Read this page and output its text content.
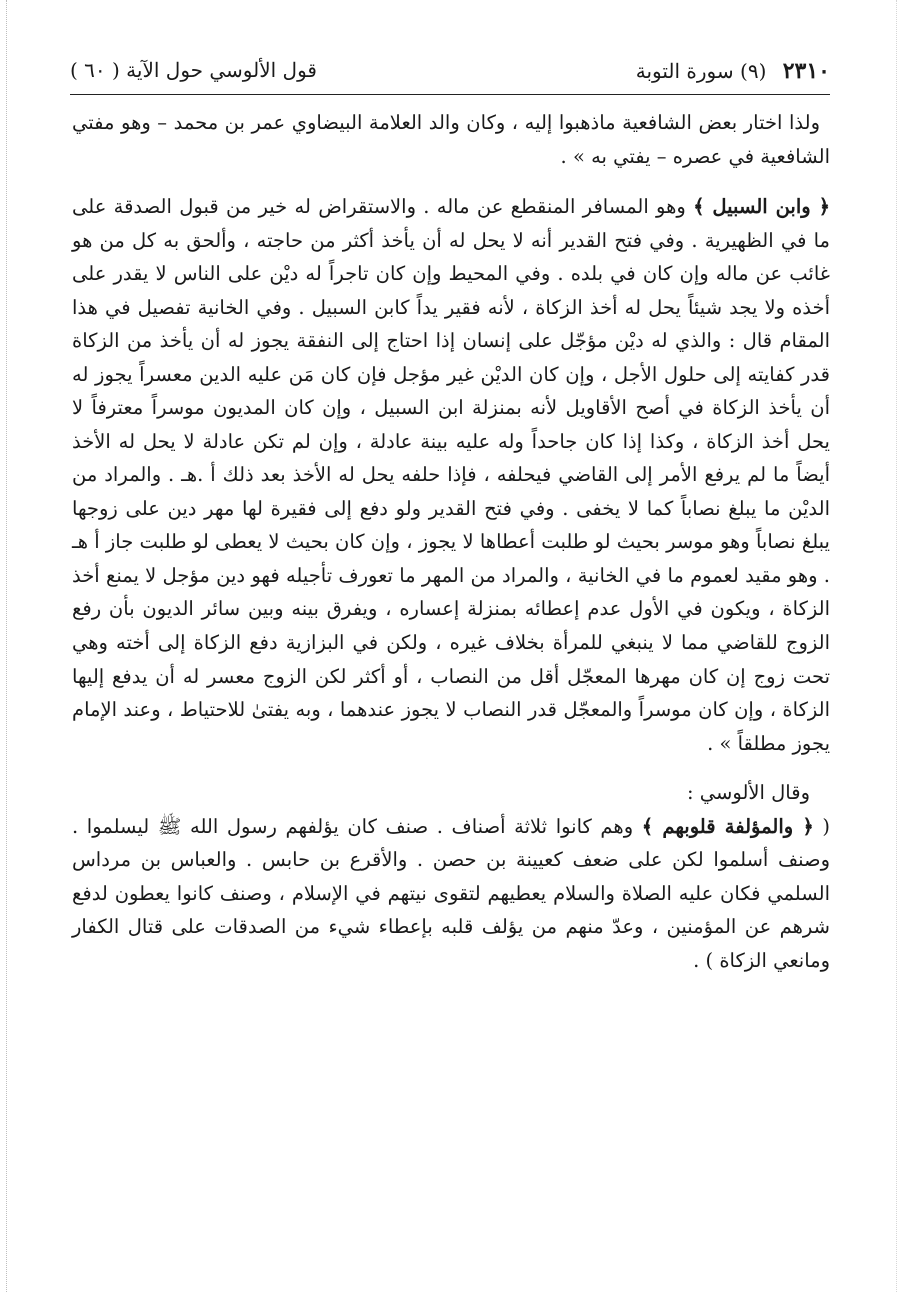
٢٣١٠ (٩) سورة التوبة
قول الألوسي حول الآية ( ٦٠ )

ولذا اختار بعض الشافعية ماذهبوا إليه ، وكان والد العلامة البيضاوي عمر بن محمد – وهو مفتي الشافعية في عصره – يفتي به » .

﴿ وابن السبيل ﴾ وهو المسافر المنقطع عن ماله . والاستقراض له خير من قبول الصدقة على ما في الظهيرية . وفي فتح القدير أنه لا يحل له أن يأخذ أكثر من حاجته ، وألحق به كل من هو غائب عن ماله وإن كان في بلده . وفي المحيط وإن كان تاجراً له ديْن على الناس لا يقدر على أخذه ولا يجد شيئاً يحل له أخذ الزكاة ، لأنه فقير يداً كابن السبيل . وفي الخانية تفصيل في هذا المقام قال : والذي له ديْن مؤجّل على إنسان إذا احتاج إلى النفقة يجوز له أن يأخذ من الزكاة قدر كفايته إلى حلول الأجل ، وإن كان الديْن غير مؤجل فإن كان مَن عليه الدين معسراً يجوز له أن يأخذ الزكاة في أصح الأقاويل لأنه بمنزلة ابن السبيل ، وإن كان المديون موسراً معترفاً لا يحل أخذ الزكاة ، وكذا إذا كان جاحداً وله عليه بينة عادلة ، وإن لم تكن عادلة لا يحل له الأخذ أيضاً ما لم يرفع الأمر إلى القاضي فيحلفه ، فإذا حلفه يحل له الأخذ بعد ذلك أ .هـ . والمراد من الديْن ما يبلغ نصاباً كما لا يخفى . وفي فتح القدير ولو دفع إلى فقيرة لها مهر دين على زوجها يبلغ نصاباً وهو موسر بحيث لو طلبت أعطاها لا يجوز ، وإن كان بحيث لا يعطى لو طلبت جاز أ هـ . وهو مقيد لعموم ما في الخانية ، والمراد من المهر ما تعورف تأجيله فهو دين مؤجل لا يمنع أخذ الزكاة ، ويكون في الأول عدم إعطائه بمنزلة إعساره ، ويفرق بينه وبين سائر الديون بأن رفع الزوج للقاضي مما لا ينبغي للمرأة بخلاف غيره ، ولكن في البزازية دفع الزكاة إلى أخته وهي تحت زوج إن كان مهرها المعجّل أقل من النصاب ، أو أكثر لكن الزوج معسر له أن يدفع إليها الزكاة ، وإن كان موسراً والمعجّل قدر النصاب لا يجوز عندهما ، وبه يفتىٰ للاحتياط ، وعند الإمام يجوز مطلقاً » .

وقال الألوسي :

( ﴿ والمؤلفة قلوبهم ﴾ وهم كانوا ثلاثة أصناف . صنف كان يؤلفهم رسول الله ﷺ ليسلموا . وصنف أسلموا لكن على ضعف كعيينة بن حصن . والأقرع بن حابس . والعباس بن مرداس السلمي فكان عليه الصلاة والسلام يعطيهم لتقوى نيتهم في الإسلام ، وصنف كانوا يعطون لدفع شرهم عن المؤمنين ، وعدّ منهم من يؤلف قلبه بإعطاء شيء من الصدقات على قتال الكفار ومانعي الزكاة ) .
